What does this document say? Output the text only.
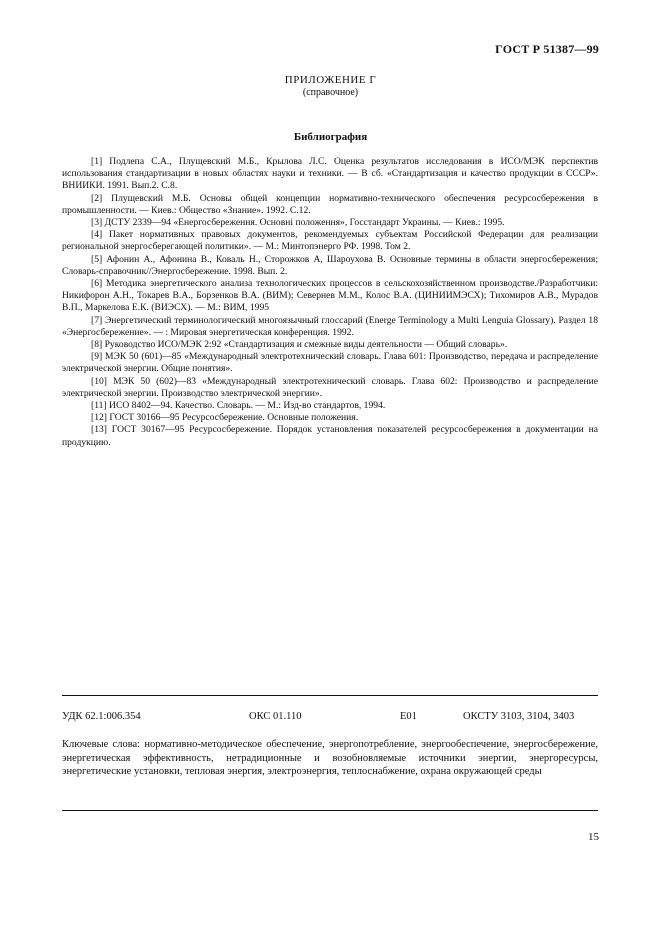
ГОСТ Р 51387—99
ПРИЛОЖЕНИЕ Г
(справочное)
Библиография

[1] Подлепа С.А., Плущевский М.Б., Крылова Л.С. Оценка результатов исследования в ИСО/МЭК перспектив использования стандартизации в новых областях науки и техники. — В сб. «Стандартизация и качество продукции в СССР». ВНИИКИ. 1991. Вып.2. С.8.

[2] Плущевский М.Б. Основы общей концепции нормативно-технического обеспечения ресурсосбережения в промышленности. — Киев.: Общество «Знание». 1992. С.12.

[3] ДСТУ 2339—94 «Енергосбереження. Основні положення», Госстандарт Украины. — Киев.: 1995.

[4] Пакет нормативных правовых документов, рекомендуемых субъектам Российской Федерации для реализации региональной энергосберегающей политики». — М.: Минтопэнерго РФ. 1998. Том 2.

[5] Афонин А., Афонина В., Коваль Н., Сторожков А, Шароухова В. Основные термины в области энергосбережения; Словарь-справочник//Энергосбережение. 1998. Вып. 2.

[6] Методика энергетического анализа технологических процессов в сельскохозяйственном производстве./Разработчики: Никифорон А.Н., Токарев В.А., Борзенков В.А. (ВИМ); Севернев М.М., Колос В.А. (ЦИНИИМЭСХ); Тихомиров А.В., Мурадов В.П., Маркелова Е.К. (ВИЭСХ). — М.: ВИМ, 1995

[7] Энергетический терминологический многоязычный глоссарий (Energe Terminology a Multi Lenguia Glossary). Раздел 18 «Энергосбережение». — : Мировая энергетическая конференция. 1992.

[8] Руководство ИСО/МЭК 2:92 «Стандартизация и смежные виды деятельности — Общий словарь».

[9] МЭК 50 (601)—85 «Международный электротехнический словарь. Глава 601: Производство, передача и распределение электрической энергии. Общие понятия».

[10] МЭК 50 (602)—83 «Международный электротехнический словарь. Глава 602: Производство и распределение электрической энергии. Производство электрической энергии».

[11] ИСО 8402—94. Качество. Словарь. — М.: Изд-во стандартов, 1994.

[12] ГОСТ 30166—95 Ресурсосбережение. Основные положения.

[13] ГОСТ 30167—95 Ресурсосбережение. Порядок установления показателей ресурсосбережения в документации на продукцию.

УДК 62.1:006.354	ОКС 01.110	Е01	ОКСТУ 3103, 3104, 3403
Ключевые слова: нормативно-методическое обеспечение, энергопотребление, энергообеспечение, энергосбережение, энергетическая эффективность, нетрадиционные и возобновляемые источники энергии, энергоресурсы, энергетические установки, тепловая энергия, электроэнергия, теплоснабжение, охрана окружающей среды
15
